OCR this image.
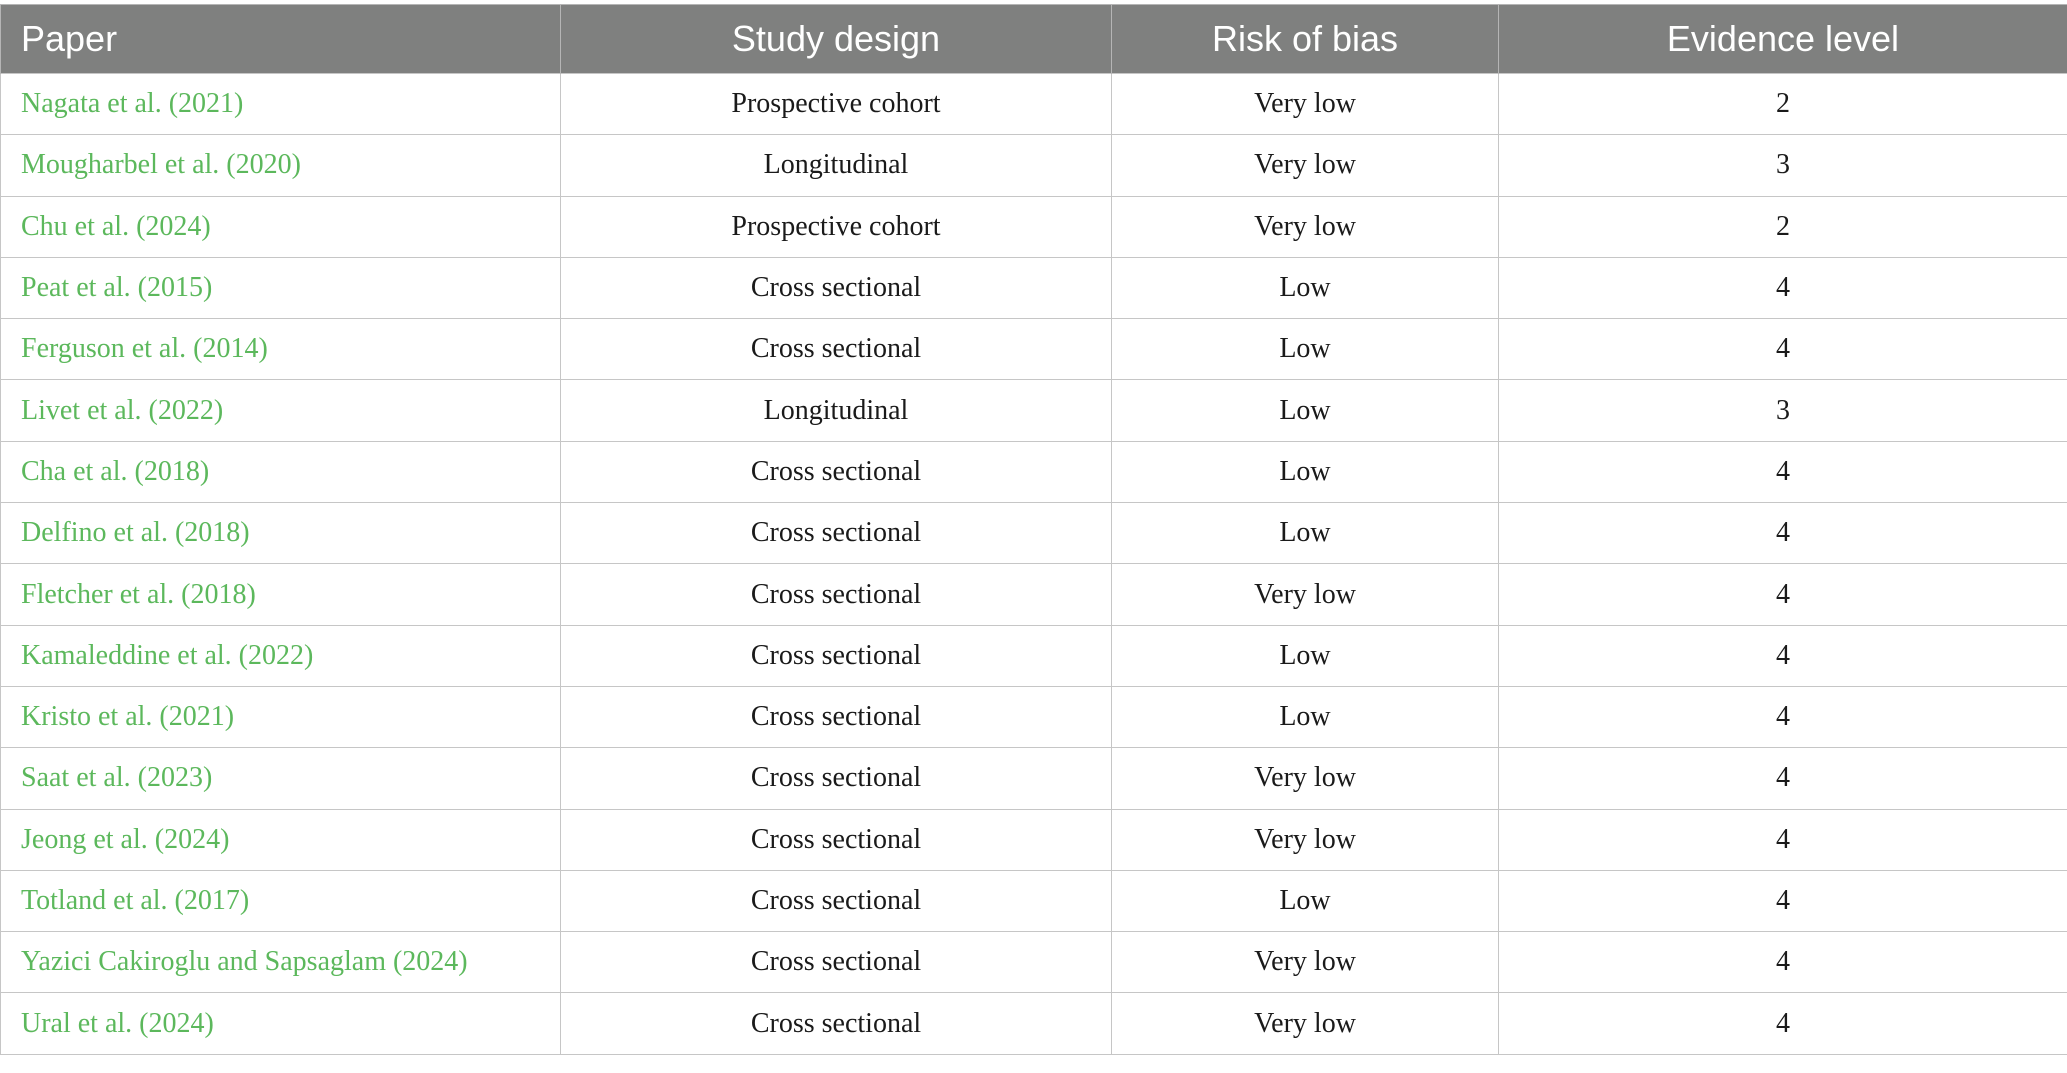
Paper	Study design	Risk of bias	Evidence level
Nagata et al. (2021)	Prospective cohort	Very low	2
Mougharbel et al. (2020)	Longitudinal	Very low	3
Chu et al. (2024)	Prospective cohort	Very low	2
Peat et al. (2015)	Cross sectional	Low	4
Ferguson et al. (2014)	Cross sectional	Low	4
Livet et al. (2022)	Longitudinal	Low	3
Cha et al. (2018)	Cross sectional	Low	4
Delfino et al. (2018)	Cross sectional	Low	4
Fletcher et al. (2018)	Cross sectional	Very low	4
Kamaleddine et al. (2022)	Cross sectional	Low	4
Kristo et al. (2021)	Cross sectional	Low	4
Saat et al. (2023)	Cross sectional	Very low	4
Jeong et al. (2024)	Cross sectional	Very low	4
Totland et al. (2017)	Cross sectional	Low	4
Yazici Cakiroglu and Sapsaglam (2024)	Cross sectional	Very low	4
Ural et al. (2024)	Cross sectional	Very low	4
